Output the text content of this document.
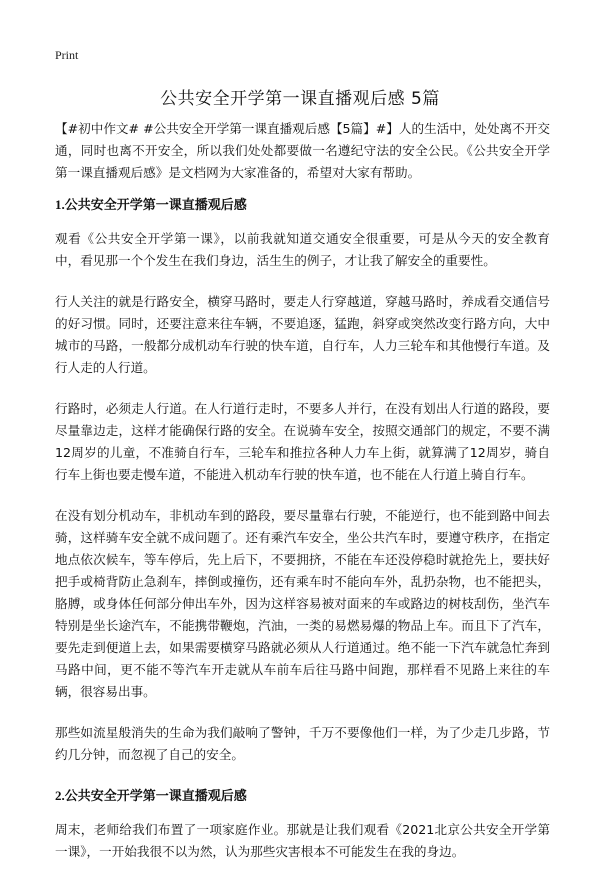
Print
公共安全开学第一课直播观后感 5篇

【#初中作文# #公共安全开学第一课直播观后感【5篇】#】人的生活中，处处离不开交通，同时也离不开安全，所以我们处处都要做一名遵纪守法的安全公民。《公共安全开学第一课直播观后感》是文档网为大家准备的，希望对大家有帮助。

1.公共安全开学第一课直播观后感

观看《公共安全开学第一课》，以前我就知道交通安全很重要，可是从今天的安全教育中，看见那一个个发生在我们身边，活生生的例子，才让我了解安全的重要性。

行人关注的就是行路安全，横穿马路时，要走人行穿越道，穿越马路时，养成看交通信号的好习惯。同时，还要注意来往车辆，不要追逐，猛跑，斜穿或突然改变行路方向，大中城市的马路，一般都分成机动车行驶的快车道，自行车，人力三轮车和其他慢行车道。及行人走的人行道。

行路时，必须走人行道。在人行道行走时，不要多人并行，在没有划出人行道的路段，要尽量靠边走，这样才能确保行路的安全。在说骑车安全，按照交通部门的规定，不要不满12周岁的儿童，不准骑自行车，三轮车和推拉各种人力车上街，就算满了12周岁，骑自行车上街也要走慢车道，不能进入机动车行驶的快车道，也不能在人行道上骑自行车。

在没有划分机动车，非机动车到的路段，要尽量靠右行驶，不能逆行，也不能到路中间去骑，这样骑车安全就不成问题了。还有乘汽车安全，坐公共汽车时，要遵守秩序，在指定地点依次候车，等车停后，先上后下，不要拥挤，不能在车还没停稳时就抢先上，要扶好把手或椅背防止急刹车，摔倒或撞伤，还有乘车时不能向车外，乱扔杂物，也不能把头，胳膊，或身体任何部分伸出车外，因为这样容易被对面来的车或路边的树枝刮伤，坐汽车特别是坐长途汽车，不能携带鞭炮，汽油，一类的易燃易爆的物品上车。而且下了汽车，要先走到便道上去，如果需要横穿马路就必须从人行道通过。绝不能一下汽车就急忙奔到马路中间，更不能不等汽车开走就从车前车后往马路中间跑，那样看不见路上来往的车辆，很容易出事。

那些如流星般消失的生命为我们敲响了警钟，千万不要像他们一样，为了少走几步路，节约几分钟，而忽视了自己的安全。

2.公共安全开学第一课直播观后感

周末，老师给我们布置了一项家庭作业。那就是让我们观看《2021北京公共安全开学第一课》，一开始我很不以为然，认为那些灾害根本不可能发生在我的身边。
